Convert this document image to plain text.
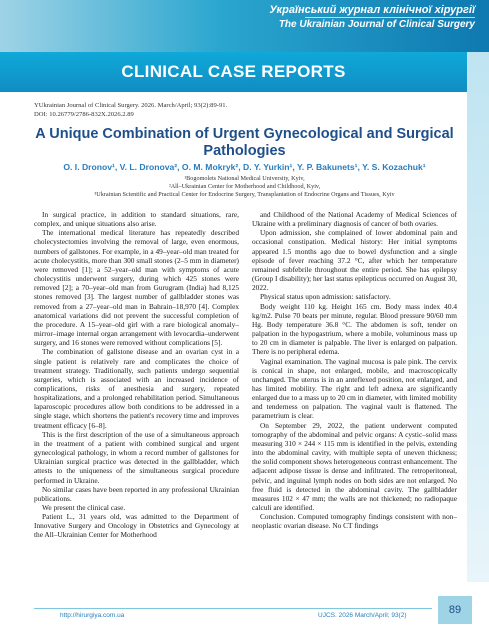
Український журнал клінічної хірургії
The Ukrainian Journal of Clinical Surgery
CLINICAL CASE REPORTS
YUkrainian Journal of Clinical Surgery. 2026. March/April; 93(2):89-91.
DOI: 10.26779/2786-832X.2026.2.89
A Unique Combination of Urgent Gynecological and Surgical Pathologies
O. I. Dronov¹, V. L. Dronova², O. M. Mokryk², D. Y. Yurkin¹, Y. P. Bakunets¹, Y. S. Kozachuk¹
¹Bogomolets National Medical University, Kyiv,
²All–Ukrainian Center for Motherhood and Childhood, Kyiv,
³Ukrainian Scientific and Practical Center for Endocrine Surgery, Transplantation of Endocrine Organs and Tissues, Kyiv

In surgical practice, in addition to standard situations, rare, complex, and unique situations also arise.

The international medical literature has repeatedly described cholecystectomies involving the removal of large, even enormous, numbers of gallstones. For example, in a 49–year–old man treated for acute cholecystitis, more than 300 small stones (2–5 mm in diameter) were removed [1]; a 52–year–old man with symptoms of acute cholecystitis underwent surgery, during which 425 stones were removed [2]; a 70–year–old man from Gurugram (India) had 8,125 stones removed [3]. The largest number of gallbladder stones was removed from a 27–year–old man in Bahrain–18,970 [4]. Complex anatomical variations did not prevent the successful completion of the procedure. A 15–year–old girl with a rare biological anomaly–mirror–image internal organ arrangement with levocardia–underwent surgery, and 16 stones were removed without complications [5].

The combination of gallstone disease and an ovarian cyst in a single patient is relatively rare and complicates the choice of treatment strategy. Traditionally, such patients undergo sequential surgeries, which is associated with an increased incidence of complications, risks of anesthesia and surgery, repeated hospitalizations, and a prolonged rehabilitation period. Simultaneous laparoscopic procedures allow both conditions to be addressed in a single stage, which shortens the patient's recovery time and improves treatment efficacy [6–8].

This is the first description of the use of a simultaneous approach in the treatment of a patient with combined surgical and urgent gynecological pathology, in whom a record number of gallstones for Ukrainian surgical practice was detected in the gallbladder, which attests to the uniqueness of the simultaneous surgical procedure performed in Ukraine.

No similar cases have been reported in any professional Ukrainian publications.

We present the clinical case.

Patient L., 31 years old, was admitted to the Department of Innovative Surgery and Oncology in Obstetrics and Gynecology at the All–Ukrainian Center for Motherhood

and Childhood of the National Academy of Medical Sciences of Ukraine with a preliminary diagnosis of cancer of both ovaries.

Upon admission, she complained of lower abdominal pain and occasional constipation. Medical history: Her initial symptoms appeared 1.5 months ago due to bowel dysfunction and a single episode of fever reaching 37.2 °C, after which her temperature remained subfebrile throughout the entire period. She has epilepsy (Group I disability); her last status epilepticus occurred on August 30, 2022.

Physical status upon admission: satisfactory.

Body weight 110 kg. Height 165 cm. Body mass index 40.4 kg/m2. Pulse 70 beats per minute, regular. Blood pressure 90/60 mm Hg. Body temperature 36.8 °C. The abdomen is soft, tender on palpation in the hypogastrium, where a mobile, voluminous mass up to 20 cm in diameter is palpable. The liver is enlarged on palpation. There is no peripheral edema.

Vaginal examination. The vaginal mucosa is pale pink. The cervix is conical in shape, not enlarged, mobile, and macroscopically unchanged. The uterus is in an anteflexed position, not enlarged, and has limited mobility. The right and left adnexa are significantly enlarged due to a mass up to 20 cm in diameter, with limited mobility and tenderness on palpation. The vaginal vault is flattened. The parametrium is clear.

On September 29, 2022, the patient underwent computed tomography of the abdominal and pelvic organs: A cystic–solid mass measuring 310 × 244 × 115 mm is identified in the pelvis, extending into the abdominal cavity, with multiple septa of uneven thickness; the solid component shows heterogeneous contrast enhancement. The adjacent adipose tissue is dense and infiltrated. The retroperitoneal, pelvic, and inguinal lymph nodes on both sides are not enlarged. No free fluid is detected in the abdominal cavity. The gallbladder measures 102 × 47 mm; the walls are not thickened; no radiopaque calculi are identified.

Conclusion. Computed tomography findings consistent with non–neoplastic ovarian disease. No CT findings

http://hirurgiya.com.ua	UJCS. 2026 March/April; 93(2)	89
